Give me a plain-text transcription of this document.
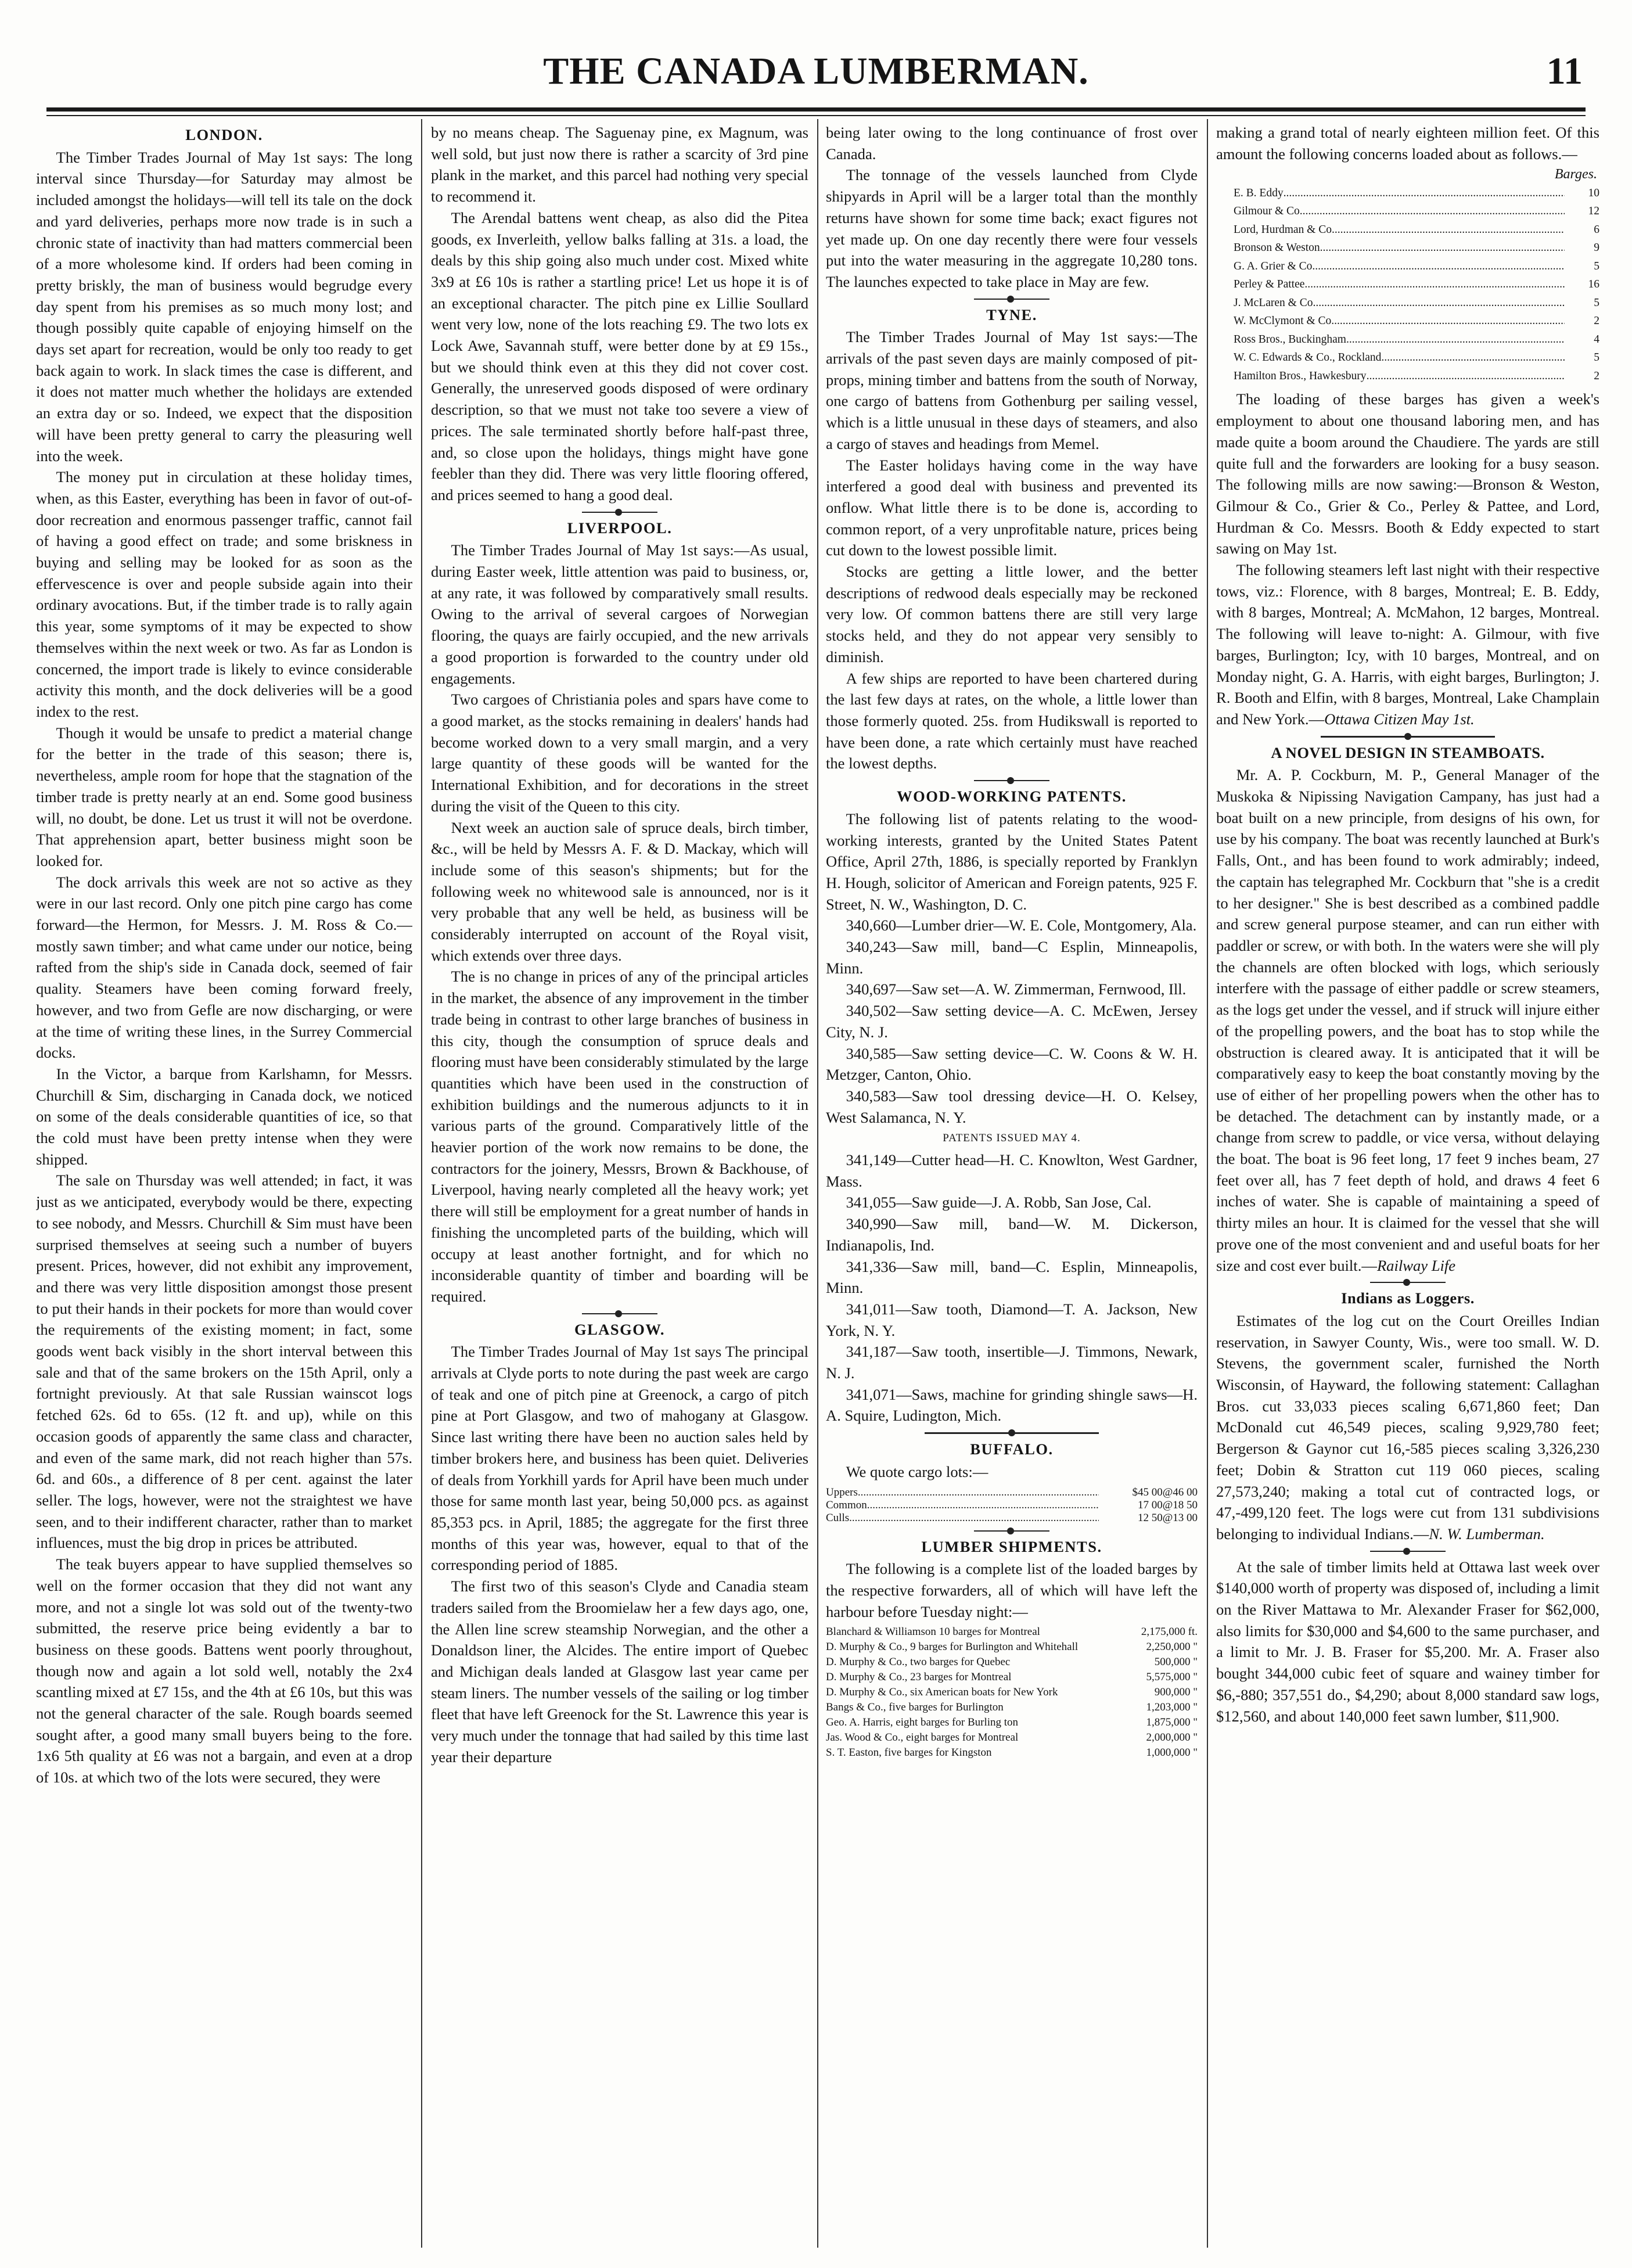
THE CANADA LUMBERMAN.	11
LONDON.

The Timber Trades Journal of May 1st says: The long interval since Thursday—for Saturday may almost be included amongst the holidays—will tell its tale on the dock and yard deliveries, perhaps more now trade is in such a chronic state of inactivity than had matters commercial been of a more wholesome kind. If orders had been coming in pretty briskly, the man of business would begrudge every day spent from his premises as so much mony lost; and though possibly quite capable of enjoying himself on the days set apart for recreation, would be only too ready to get back again to work. In slack times the case is different, and it does not matter much whether the holidays are extended an extra day or so. Indeed, we expect that the disposition will have been pretty general to carry the pleasuring well into the week.

The money put in circulation at these holiday times, when, as this Easter, everything has been in favor of out-of-door recreation and enormous passenger traffic, cannot fail of having a good effect on trade; and some briskness in buying and selling may be looked for as soon as the effervescence is over and people subside again into their ordinary avocations. But, if the timber trade is to rally again this year, some symptoms of it may be expected to show themselves within the next week or two. As far as London is concerned, the import trade is likely to evince considerable activity this month, and the dock deliveries will be a good index to the rest.

Though it would be unsafe to predict a material change for the better in the trade of this season; there is, nevertheless, ample room for hope that the stagnation of the timber trade is pretty nearly at an end. Some good business will, no doubt, be done. Let us trust it will not be overdone. That apprehension apart, better business might soon be looked for.

The dock arrivals this week are not so active as they were in our last record. Only one pitch pine cargo has come forward—the Hermon, for Messrs. J. M. Ross & Co.—mostly sawn timber; and what came under our notice, being rafted from the ship's side in Canada dock, seemed of fair quality. Steamers have been coming forward freely, however, and two from Gefle are now discharging, or were at the time of writing these lines, in the Surrey Commercial docks.

In the Victor, a barque from Karlshamn, for Messrs. Churchill & Sim, discharging in Canada dock, we noticed on some of the deals considerable quantities of ice, so that the cold must have been pretty intense when they were shipped.

The sale on Thursday was well attended; in fact, it was just as we anticipated, everybody would be there, expecting to see nobody, and Messrs. Churchill & Sim must have been surprised themselves at seeing such a number of buyers present. Prices, however, did not exhibit any improvement, and there was very little disposition amongst those present to put their hands in their pockets for more than would cover the requirements of the existing moment; in fact, some goods went back visibly in the short interval between this sale and that of the same brokers on the 15th April, only a fortnight previously. At that sale Russian wainscot logs fetched 62s. 6d to 65s. (12 ft. and up), while on this occasion goods of apparently the same class and character, and even of the same mark, did not reach higher than 57s. 6d. and 60s., a difference of 8 per cent. against the later seller. The logs, however, were not the straightest we have seen, and to their indifferent character, rather than to market influences, must the big drop in prices be attributed.

The teak buyers appear to have supplied themselves so well on the former occasion that they did not want any more, and not a single lot was sold out of the twenty-two submitted, the reserve price being evidently a bar to business on these goods. Battens went poorly throughout, though now and again a lot sold well, notably the 2x4 scantling mixed at £7 15s, and the 4th at £6 10s, but this was not the general character of the sale. Rough boards seemed sought after, a good many small buyers being to the fore. 1x6 5th quality at £6 was not a bargain, and even at a drop of 10s. at which two of the lots were secured, they were

by no means cheap. The Saguenay pine, ex Magnum, was well sold, but just now there is rather a scarcity of 3rd pine plank in the market, and this parcel had nothing very special to recommend it.

The Arendal battens went cheap, as also did the Pitea goods, ex Inverleith, yellow balks falling at 31s. a load, the deals by this ship going also much under cost. Mixed white 3x9 at £6 10s is rather a startling price! Let us hope it is of an exceptional character. The pitch pine ex Lillie Soullard went very low, none of the lots reaching £9. The two lots ex Lock Awe, Savannah stuff, were better done by at £9 15s., but we should think even at this they did not cover cost. Generally, the unreserved goods disposed of were ordinary description, so that we must not take too severe a view of prices. The sale terminated shortly before half-past three, and, so close upon the holidays, things might have gone feebler than they did. There was very little flooring offered, and prices seemed to hang a good deal.

LIVERPOOL.

The Timber Trades Journal of May 1st says:—As usual, during Easter week, little attention was paid to business, or, at any rate, it was followed by comparatively small results. Owing to the arrival of several cargoes of Norwegian flooring, the quays are fairly occupied, and the new arrivals a good proportion is forwarded to the country under old engagements.

Two cargoes of Christiania poles and spars have come to a good market, as the stocks remaining in dealers' hands had become worked down to a very small margin, and a very large quantity of these goods will be wanted for the International Exhibition, and for decorations in the street during the visit of the Queen to this city.

Next week an auction sale of spruce deals, birch timber, &c., will be held by Messrs A. F. & D. Mackay, which will include some of this season's shipments; but for the following week no whitewood sale is announced, nor is it very probable that any well be held, as business will be considerably interrupted on account of the Royal visit, which extends over three days.

The is no change in prices of any of the principal articles in the market, the absence of any improvement in the timber trade being in contrast to other large branches of business in this city, though the consumption of spruce deals and flooring must have been considerably stimulated by the large quantities which have been used in the construction of exhibition buildings and the numerous adjuncts to it in various parts of the ground. Comparatively little of the heavier portion of the work now remains to be done, the contractors for the joinery, Messrs, Brown & Backhouse, of Liverpool, having nearly completed all the heavy work; yet there will still be employment for a great number of hands in finishing the uncompleted parts of the building, which will occupy at least another fortnight, and for which no inconsiderable quantity of timber and boarding will be required.

GLASGOW.

The Timber Trades Journal of May 1st says The principal arrivals at Clyde ports to note during the past week are cargo of teak and one of pitch pine at Greenock, a cargo of pitch pine at Port Glasgow, and two of mahogany at Glasgow. Since last writing there have been no auction sales held by timber brokers here, and business has been quiet. Deliveries of deals from Yorkhill yards for April have been much under those for same month last year, being 50,000 pcs. as against 85,353 pcs. in April, 1885; the aggregate for the first three months of this year was, however, equal to that of the corresponding period of 1885.

The first two of this season's Clyde and Canadia steam traders sailed from the Broomielaw her a few days ago, one, the Allen line screw steamship Norwegian, and the other a Donaldson liner, the Alcides. The entire import of Quebec and Michigan deals landed at Glasgow last year came per steam liners. The number vessels of the sailing or log timber fleet that have left Greenock for the St. Lawrence this year is very much under the tonnage that had sailed by this time last year their departure

being later owing to the long continuance of frost over Canada.

The tonnage of the vessels launched from Clyde shipyards in April will be a larger total than the monthly returns have shown for some time back; exact figures not yet made up. On one day recently there were four vessels put into the water measuring in the aggregate 10,280 tons. The launches expected to take place in May are few.

TYNE.

The Timber Trades Journal of May 1st says:—The arrivals of the past seven days are mainly composed of pit-props, mining timber and battens from the south of Norway, one cargo of battens from Gothenburg per sailing vessel, which is a little unusual in these days of steamers, and also a cargo of staves and headings from Memel.

The Easter holidays having come in the way have interfered a good deal with business and prevented its onflow. What little there is to be done is, according to common report, of a very unprofitable nature, prices being cut down to the lowest possible limit.

Stocks are getting a little lower, and the better descriptions of redwood deals especially may be reckoned very low. Of common battens there are still very large stocks held, and they do not appear very sensibly to diminish.

A few ships are reported to have been chartered during the last few days at rates, on the whole, a little lower than those formerly quoted. 25s. from Hudikswall is reported to have been done, a rate which certainly must have reached the lowest depths.

WOOD-WORKING PATENTS.

The following list of patents relating to the wood-working interests, granted by the United States Patent Office, April 27th, 1886, is specially reported by Franklyn H. Hough, solicitor of American and Foreign patents, 925 F. Street, N. W., Washington, D. C.

340,660—Lumber drier—W. E. Cole, Montgomery, Ala.

340,243—Saw mill, band—C Esplin, Minneapolis, Minn.

340,697—Saw set—A. W. Zimmerman, Fernwood, Ill.

340,502—Saw setting device—A. C. McEwen, Jersey City, N. J.

340,585—Saw setting device—C. W. Coons & W. H. Metzger, Canton, Ohio.

340,583—Saw tool dressing device—H. O. Kelsey, West Salamanca, N. Y.

PATENTS ISSUED MAY 4.

341,149—Cutter head—H. C. Knowlton, West Gardner, Mass.

341,055—Saw guide—J. A. Robb, San Jose, Cal.

340,990—Saw mill, band—W. M. Dickerson, Indianapolis, Ind.

341,336—Saw mill, band—C. Esplin, Minneapolis, Minn.

341,011—Saw tooth, Diamond—T. A. Jackson, New York, N. Y.

341,187—Saw tooth, insertible—J. Timmons, Newark, N. J.

341,071—Saws, machine for grinding shingle saws—H. A. Squire, Ludington, Mich.

BUFFALO.

We quote cargo lots:—

Uppers .....	$45 00@46 00
Common .....	17 00@18 50
Culls .....	12 50@13 00
LUMBER SHIPMENTS.

The following is a complete list of the loaded barges by the respective forwarders, all of which will have left the harbour before Tuesday night:—

Blanchard & Williamson 10 barges for Montreal	2,175,000 ft.
D. Murphy & Co., 9 barges for Burlington and Whitehall	2,250,000 "
D. Murphy & Co., two barges for Quebec	500,000 "
D. Murphy & Co., 23 barges for Montreal	5,575,000 "
D. Murphy & Co., six American boats for New York	900,000 "
Bangs & Co., five barges for Burlington	1,203,000 "
Geo. A. Harris, eight barges for Burling ton	1,875,000 "
Jas. Wood & Co., eight barges for Montreal	2,000,000 "
S. T. Easton, five barges for Kingston	1,000,000 "

making a grand total of nearly eighteen million feet. Of this amount the following concerns loaded about as follows.—

Barges.
E. B. Eddy .....	10
Gilmour & Co .....	12
Lord, Hurdman & Co .....	6
Bronson & Weston .....	9
G. A. Grier & Co .....	5
Perley & Pattee .....	16
J. McLaren & Co .....	5
W. McClymont & Co .....	2
Ross Bros., Buckingham .....	4
W. C. Edwards & Co., Rockland .....	5
Hamilton Bros., Hawkesbury .....	2

The loading of these barges has given a week's employment to about one thousand laboring men, and has made quite a boom around the Chaudiere. The yards are still quite full and the forwarders are looking for a busy season. The following mills are now sawing:—Bronson & Weston, Gilmour & Co., Grier & Co., Perley & Pattee, and Lord, Hurdman & Co. Messrs. Booth & Eddy expected to start sawing on May 1st.

The following steamers left last night with their respective tows, viz.: Florence, with 8 barges, Montreal; E. B. Eddy, with 8 barges, Montreal; A. McMahon, 12 barges, Montreal. The following will leave to-night: A. Gilmour, with five barges, Burlington; Icy, with 10 barges, Montreal, and on Monday night, G. A. Harris, with eight barges, Burlington; J. R. Booth and Elfin, with 8 barges, Montreal, Lake Champlain and New York.—Ottawa Citizen May 1st.

A NOVEL DESIGN IN STEAMBOATS.

Mr. A. P. Cockburn, M. P., General Manager of the Muskoka & Nipissing Navigation Campany, has just had a boat built on a new principle, from designs of his own, for use by his company. The boat was recently launched at Burk's Falls, Ont., and has been found to work admirably; indeed, the captain has telegraphed Mr. Cockburn that "she is a credit to her designer." She is best described as a combined paddle and screw general purpose steamer, and can run either with paddler or screw, or with both. In the waters were she will ply the channels are often blocked with logs, which seriously interfere with the passage of either paddle or screw steamers, as the logs get under the vessel, and if struck will injure either of the propelling powers, and the boat has to stop while the obstruction is cleared away. It is anticipated that it will be comparatively easy to keep the boat constantly moving by the use of either of her propelling powers when the other has to be detached. The detachment can by instantly made, or a change from screw to paddle, or vice versa, without delaying the boat. The boat is 96 feet long, 17 feet 9 inches beam, 27 feet over all, has 7 feet depth of hold, and draws 4 feet 6 inches of water. She is capable of maintaining a speed of thirty miles an hour. It is claimed for the vessel that she will prove one of the most convenient and and useful boats for her size and cost ever built.—Railway Life

Indians as Loggers.

Estimates of the log cut on the Court Oreilles Indian reservation, in Sawyer County, Wis., were too small. W. D. Stevens, the government scaler, furnished the North Wisconsin, of Hayward, the following statement: Callaghan Bros. cut 33,033 pieces scaling 6,671,860 feet; Dan McDonald cut 46,549 pieces, scaling 9,929,780 feet; Bergerson & Gaynor cut 16,-585 pieces scaling 3,326,230 feet; Dobin & Stratton cut 119 060 pieces, scaling 27,573,240; making a total cut of contracted logs, or 47,-499,120 feet. The logs were cut from 131 subdivisions belonging to individual Indians.—N. W. Lumberman.

At the sale of timber limits held at Ottawa last week over $140,000 worth of property was disposed of, including a limit on the River Mattawa to Mr. Alexander Fraser for $62,000, also limits for $30,000 and $4,600 to the same purchaser, and a limit to Mr. J. B. Fraser for $5,200. Mr. A. Fraser also bought 344,000 cubic feet of square and wainey timber for $6,-880; 357,551 do., $4,290; about 8,000 standard saw logs, $12,560, and about 140,000 feet sawn lumber, $11,900.
